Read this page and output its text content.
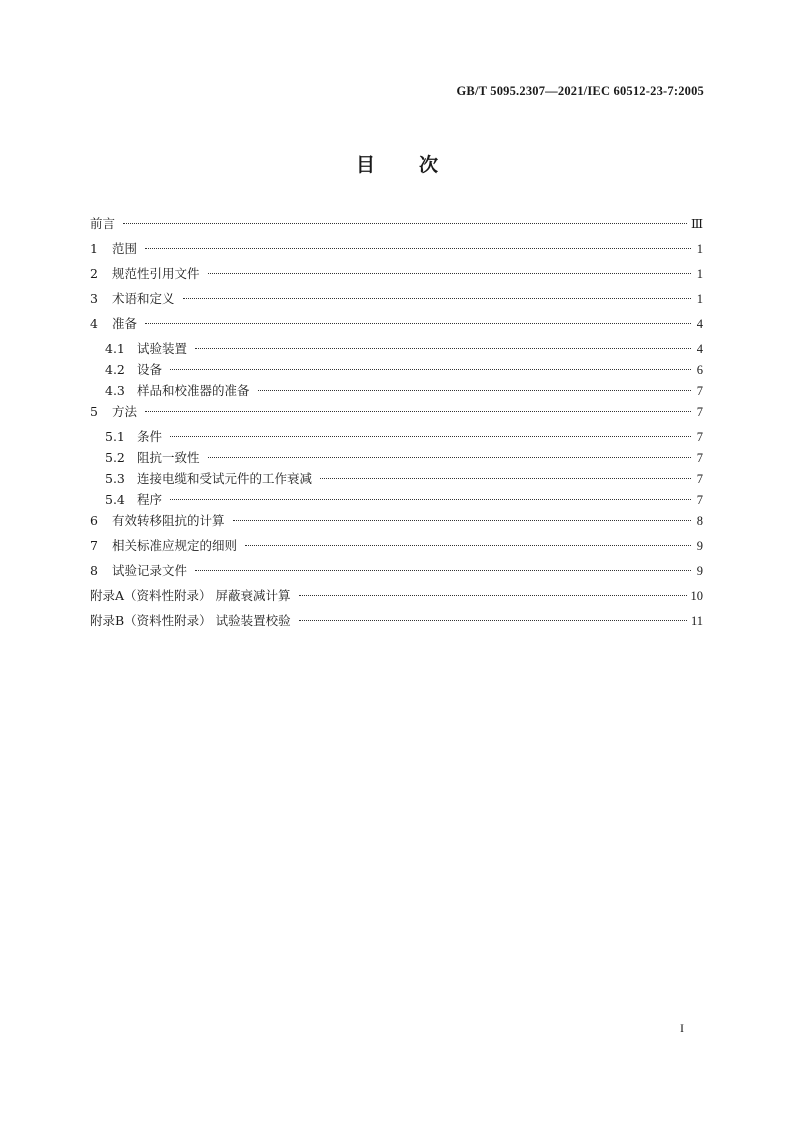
GB/T 5095.2307—2021/IEC 60512-23-7:2005
目次
前言	Ⅲ
1	范围	1
2	规范性引用文件	1
3	术语和定义	1
4	准备	4
4.1 试验装置	4
4.2 设备	6
4.3 样品和校准器的准备	7
5	方法	7
5.1 条件	7
5.2 阻抗一致性	7
5.3 连接电缆和受试元件的工作衰减	7
5.4 程序	7
6	有效转移阻抗的计算	8
7	相关标准应规定的细则	9
8	试验记录文件	9
附录A（资料性附录） 屏蔽衰减计算	10
附录B（资料性附录） 试验装置校验	11
I
